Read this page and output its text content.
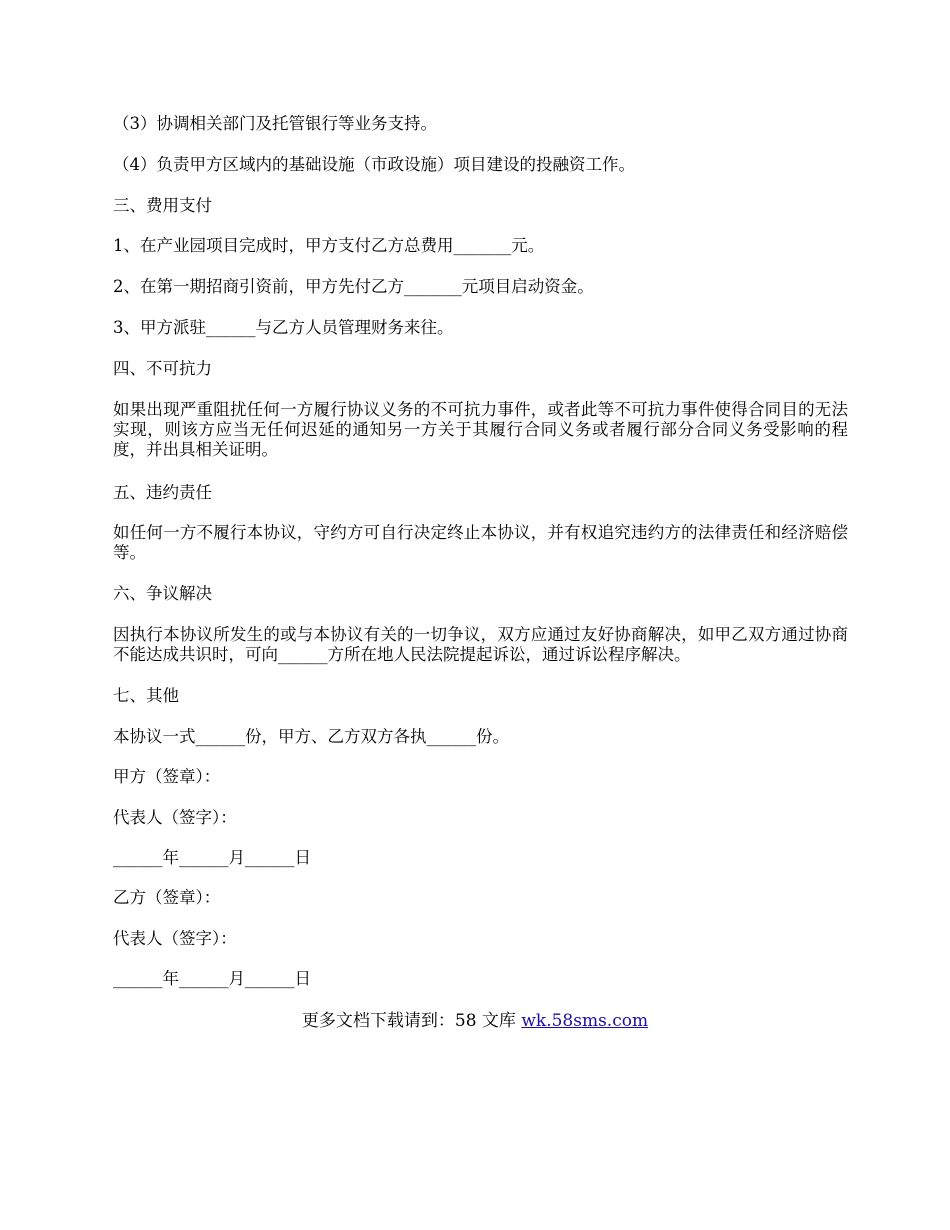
（3）协调相关部门及托管银行等业务支持。

（4）负责甲方区域内的基础设施（市政设施）项目建设的投融资工作。

三、费用支付

1、在产业园项目完成时，甲方支付乙方总费用_______元。

2、在第一期招商引资前，甲方先付乙方_______元项目启动资金。

3、甲方派驻______与乙方人员管理财务来往。

四、不可抗力

如果出现严重阻扰任何一方履行协议义务的不可抗力事件，或者此等不可抗力事件使得合同目的无法实现，则该方应当无任何迟延的通知另一方关于其履行合同义务或者履行部分合同义务受影响的程度，并出具相关证明。

五、违约责任

如任何一方不履行本协议，守约方可自行决定终止本协议，并有权追究违约方的法律责任和经济赔偿等。

六、争议解决

因执行本协议所发生的或与本协议有关的一切争议，双方应通过友好协商解决，如甲乙双方通过协商不能达成共识时，可向______方所在地人民法院提起诉讼，通过诉讼程序解决。

七、其他

本协议一式______份，甲方、乙方双方各执______份。

甲方（签章）：

代表人（签字）：

______年______月______日

乙方（签章）：

代表人（签字）：

______年______月______日

更多文档下载请到：58 文库 wk.58sms.com
